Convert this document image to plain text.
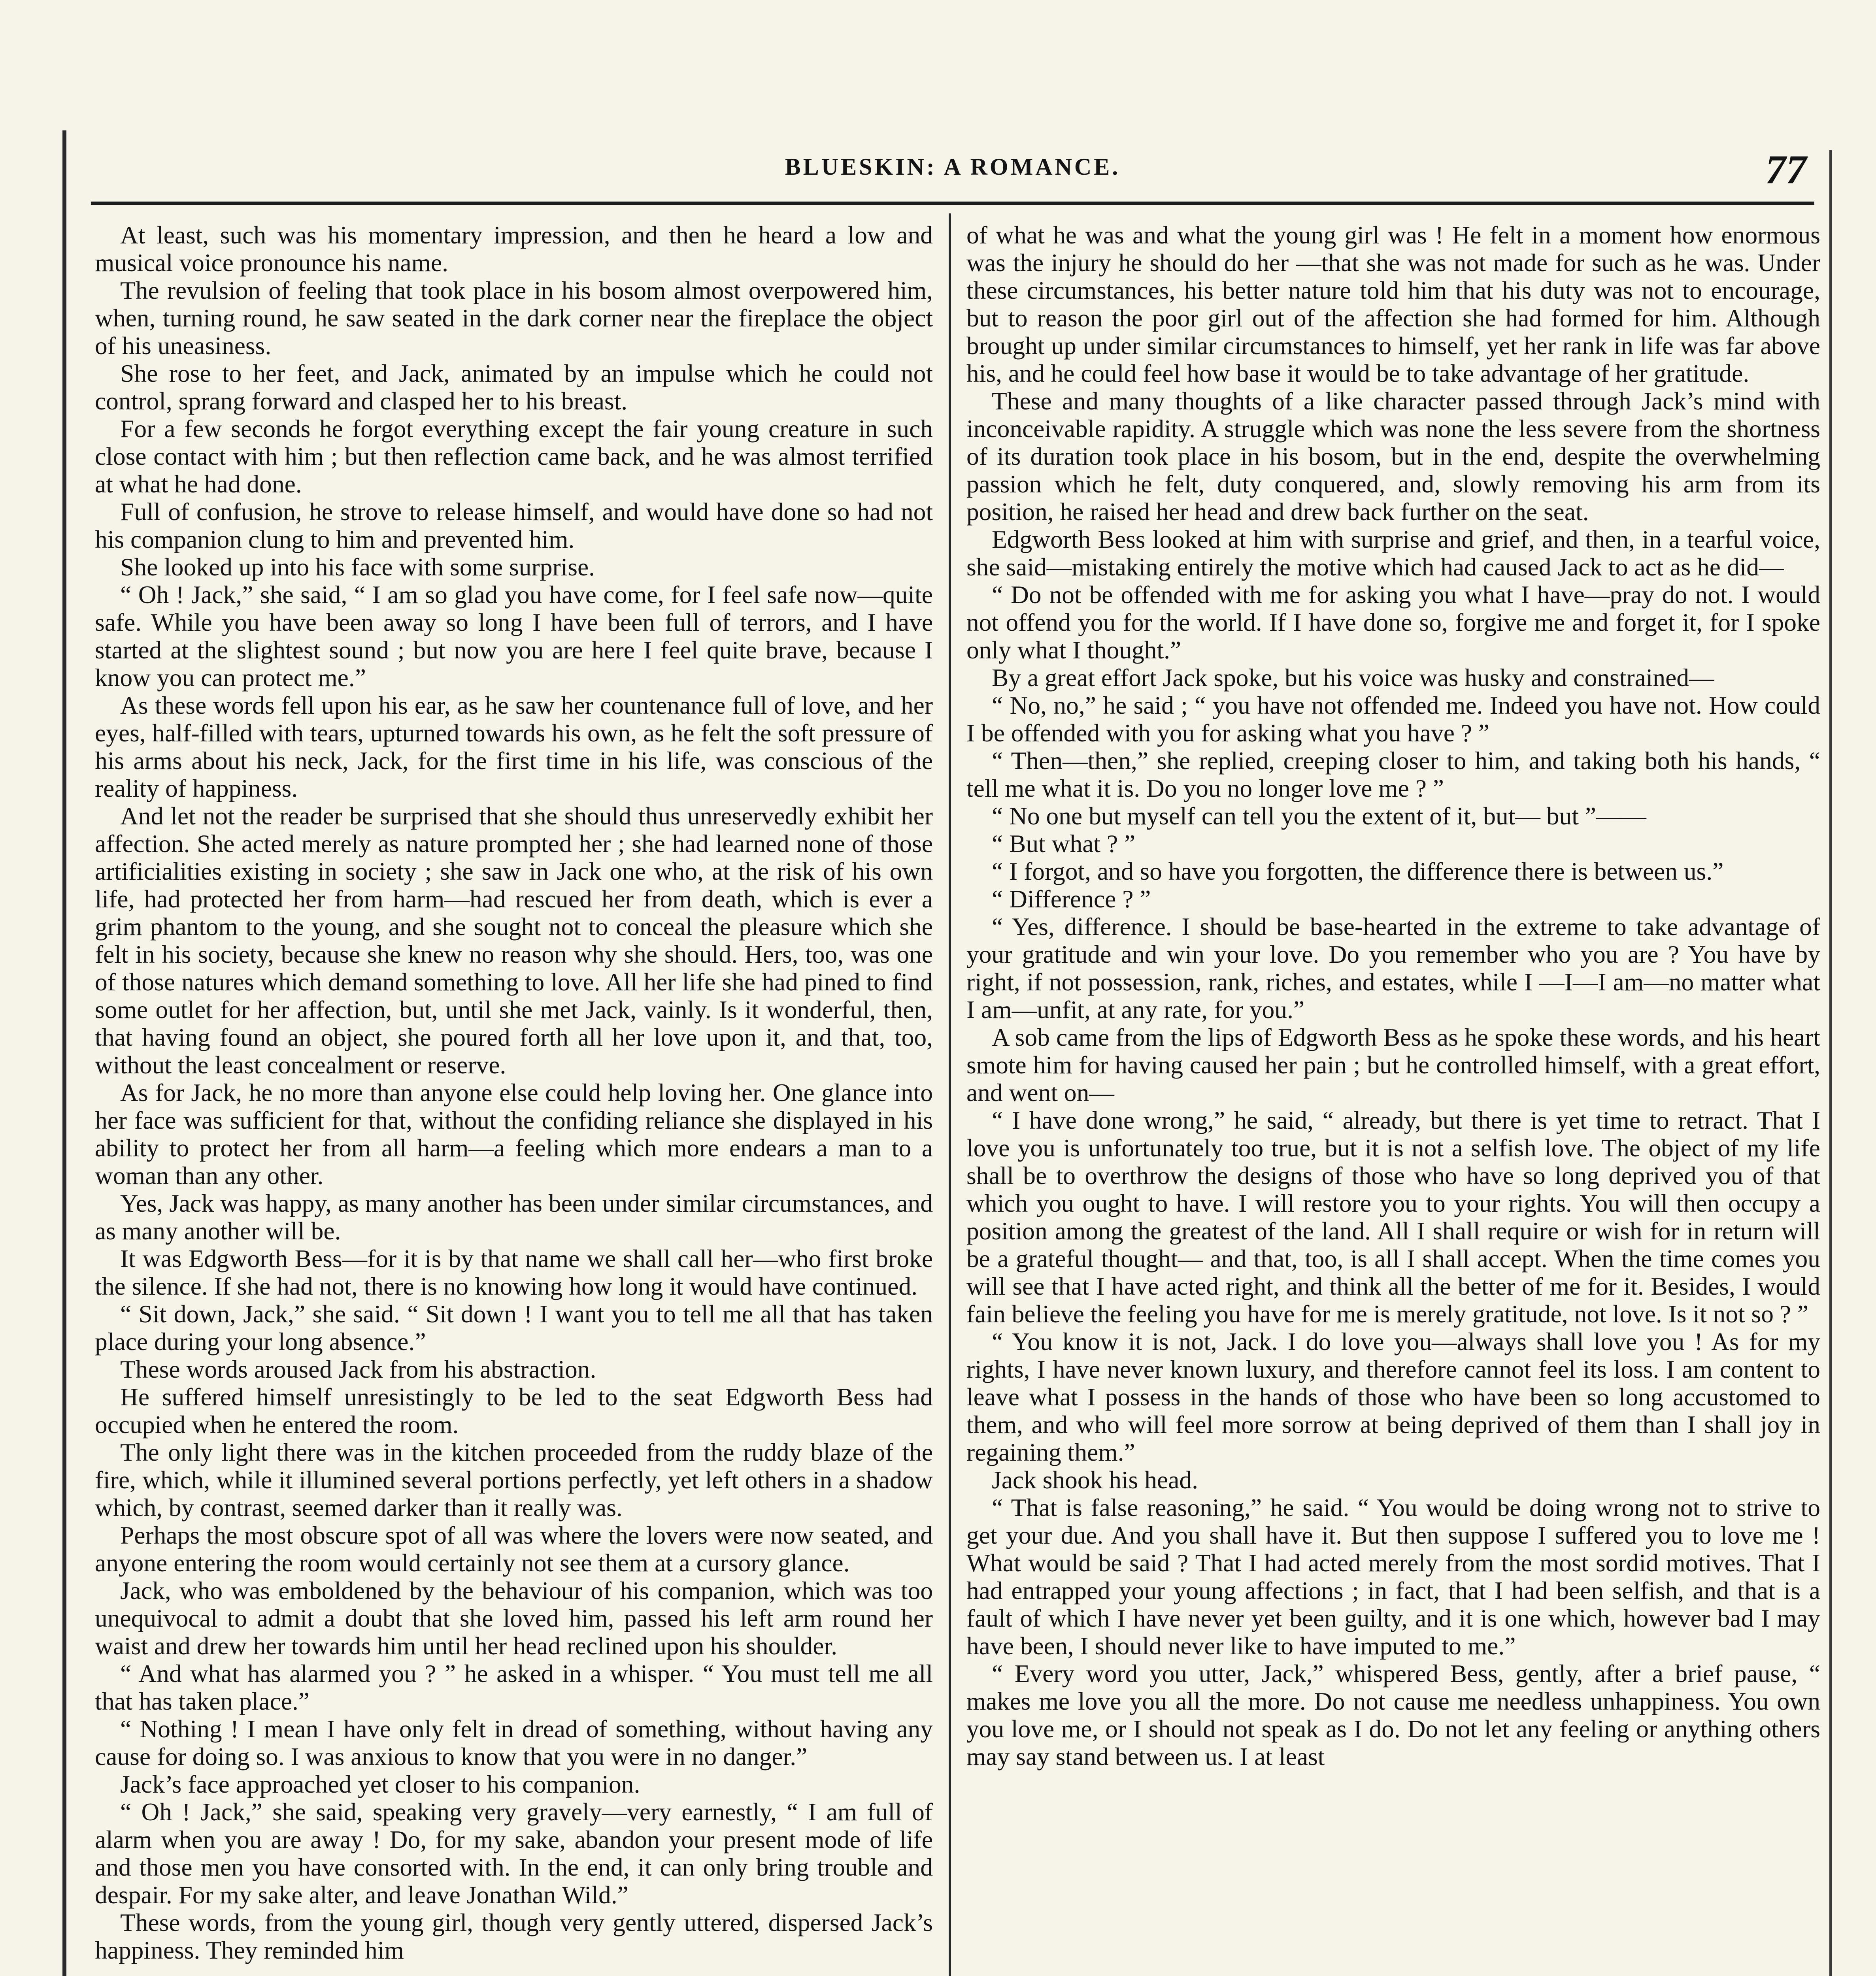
BLUESKIN: A ROMANCE.	77

At least, such was his momentary impression, and then he heard a low and musical voice pronounce his name.

The revulsion of feeling that took place in his bosom almost overpowered him, when, turning round, he saw seated in the dark corner near the fireplace the object of his uneasiness.

She rose to her feet, and Jack, animated by an impulse which he could not control, sprang forward and clasped her to his breast.

For a few seconds he forgot everything except the fair young creature in such close contact with him ; but then reflection came back, and he was almost terrified at what he had done.

Full of confusion, he strove to release himself, and would have done so had not his companion clung to him and prevented him.

She looked up into his face with some surprise.

“ Oh ! Jack,” she said, “ I am so glad you have come, for I feel safe now—quite safe. While you have been away so long I have been full of terrors, and I have started at the slightest sound ; but now you are here I feel quite brave, because I know you can protect me.”

As these words fell upon his ear, as he saw her countenance full of love, and her eyes, half-filled with tears, upturned towards his own, as he felt the soft pressure of his arms about his neck, Jack, for the first time in his life, was conscious of the reality of happiness.

And let not the reader be surprised that she should thus unreservedly exhibit her affection. She acted merely as nature prompted her ; she had learned none of those artificialities existing in society ; she saw in Jack one who, at the risk of his own life, had protected her from harm—had rescued her from death, which is ever a grim phantom to the young, and she sought not to conceal the pleasure which she felt in his society, because she knew no reason why she should. Hers, too, was one of those natures which demand something to love. All her life she had pined to find some outlet for her affection, but, until she met Jack, vainly. Is it wonderful, then, that having found an object, she poured forth all her love upon it, and that, too, without the least concealment or reserve.

As for Jack, he no more than anyone else could help loving her. One glance into her face was sufficient for that, without the confiding reliance she displayed in his ability to protect her from all harm—a feeling which more endears a man to a woman than any other.

Yes, Jack was happy, as many another has been under similar circumstances, and as many another will be.

It was Edgworth Bess—for it is by that name we shall call her—who first broke the silence. If she had not, there is no knowing how long it would have continued.

“ Sit down, Jack,” she said. “ Sit down ! I want you to tell me all that has taken place during your long absence.”

These words aroused Jack from his abstraction.

He suffered himself unresistingly to be led to the seat Edgworth Bess had occupied when he entered the room.

The only light there was in the kitchen proceeded from the ruddy blaze of the fire, which, while it illumined several portions perfectly, yet left others in a shadow which, by contrast, seemed darker than it really was.

Perhaps the most obscure spot of all was where the lovers were now seated, and anyone entering the room would certainly not see them at a cursory glance.

Jack, who was emboldened by the behaviour of his companion, which was too unequivocal to admit a doubt that she loved him, passed his left arm round her waist and drew her towards him until her head reclined upon his shoulder.

“ And what has alarmed you ? ” he asked in a whisper. “ You must tell me all that has taken place.”

“ Nothing ! I mean I have only felt in dread of something, without having any cause for doing so. I was anxious to know that you were in no danger.”

Jack’s face approached yet closer to his companion.

“ Oh ! Jack,” she said, speaking very gravely—very earnestly, “ I am full of alarm when you are away ! Do, for my sake, abandon your present mode of life and those men you have consorted with. In the end, it can only bring trouble and despair. For my sake alter, and leave Jonathan Wild.”

These words, from the young girl, though very gently uttered, dispersed Jack’s happiness. They reminded him

of what he was and what the young girl was ! He felt in a moment how enormous was the injury he should do her —that she was not made for such as he was. Under these circumstances, his better nature told him that his duty was not to encourage, but to reason the poor girl out of the affection she had formed for him. Although brought up under similar circumstances to himself, yet her rank in life was far above his, and he could feel how base it would be to take advantage of her gratitude.

These and many thoughts of a like character passed through Jack’s mind with inconceivable rapidity. A struggle which was none the less severe from the shortness of its duration took place in his bosom, but in the end, despite the overwhelming passion which he felt, duty conquered, and, slowly removing his arm from its position, he raised her head and drew back further on the seat.

Edgworth Bess looked at him with surprise and grief, and then, in a tearful voice, she said—mistaking entirely the motive which had caused Jack to act as he did—

“ Do not be offended with me for asking you what I have—pray do not. I would not offend you for the world. If I have done so, forgive me and forget it, for I spoke only what I thought.”

By a great effort Jack spoke, but his voice was husky and constrained—

“ No, no,” he said ; “ you have not offended me. Indeed you have not. How could I be offended with you for asking what you have ? ”

“ Then—then,” she replied, creeping closer to him, and taking both his hands, “ tell me what it is. Do you no longer love me ? ”

“ No one but myself can tell you the extent of it, but— but ”——

“ But what ? ”

“ I forgot, and so have you forgotten, the difference there is between us.”

“ Difference ? ”

“ Yes, difference. I should be base-hearted in the extreme to take advantage of your gratitude and win your love. Do you remember who you are ? You have by right, if not possession, rank, riches, and estates, while I —I—I am—no matter what I am—unfit, at any rate, for you.”

A sob came from the lips of Edgworth Bess as he spoke these words, and his heart smote him for having caused her pain ; but he controlled himself, with a great effort, and went on—

“ I have done wrong,” he said, “ already, but there is yet time to retract. That I love you is unfortunately too true, but it is not a selfish love. The object of my life shall be to overthrow the designs of those who have so long deprived you of that which you ought to have. I will restore you to your rights. You will then occupy a position among the greatest of the land. All I shall require or wish for in return will be a grateful thought— and that, too, is all I shall accept. When the time comes you will see that I have acted right, and think all the better of me for it. Besides, I would fain believe the feeling you have for me is merely gratitude, not love. Is it not so ? ”

“ You know it is not, Jack. I do love you—always shall love you ! As for my rights, I have never known luxury, and therefore cannot feel its loss. I am content to leave what I possess in the hands of those who have been so long accustomed to them, and who will feel more sorrow at being deprived of them than I shall joy in regaining them.”

Jack shook his head.

“ That is false reasoning,” he said. “ You would be doing wrong not to strive to get your due. And you shall have it. But then suppose I suffered you to love me ! What would be said ? That I had acted merely from the most sordid motives. That I had entrapped your young affections ; in fact, that I had been selfish, and that is a fault of which I have never yet been guilty, and it is one which, however bad I may have been, I should never like to have imputed to me.”

“ Every word you utter, Jack,” whispered Bess, gently, after a brief pause, “ makes me love you all the more. Do not cause me needless unhappiness. You own you love me, or I should not speak as I do. Do not let any feeling or anything others may say stand between us. I at least
